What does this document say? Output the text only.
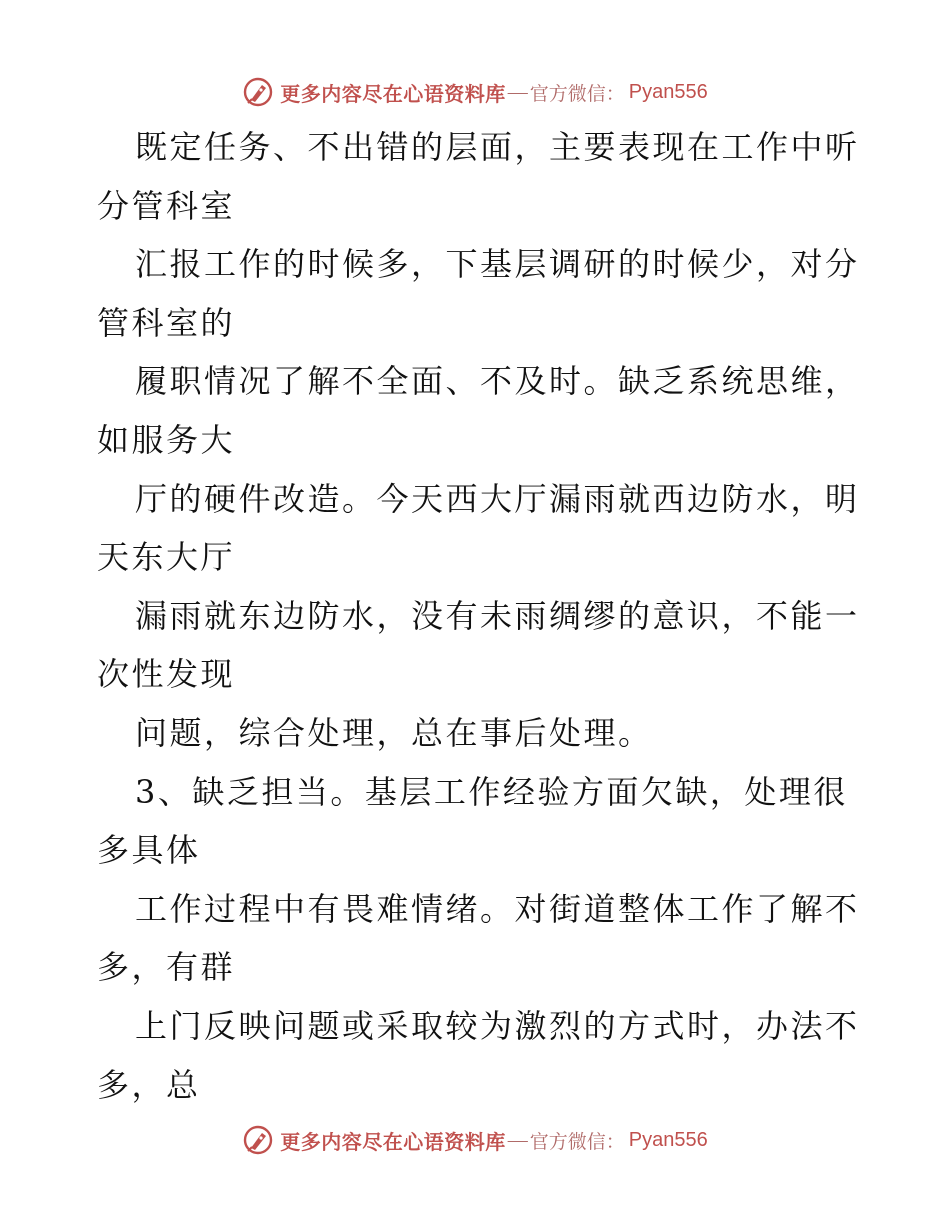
更多内容尽在心语资料库 — 官方微信： Pyan556
既定任务、不出错的层面，主要表现在工作中听
分管科室
汇报工作的时候多，下基层调研的时候少，对分
管科室的
履职情况了解不全面、不及时。缺乏系统思维，
如服务大
厅的硬件改造。今天西大厅漏雨就西边防水，明
天东大厅
漏雨就东边防水，没有未雨绸缪的意识，不能一
次性发现
问题，综合处理，总在事后处理。
3、缺乏担当。基层工作经验方面欠缺，处理很
多具体
工作过程中有畏难情绪。对街道整体工作了解不
多，有群
上门反映问题或采取较为激烈的方式时，办法不
多，总
更多内容尽在心语资料库 — 官方微信： Pyan556
